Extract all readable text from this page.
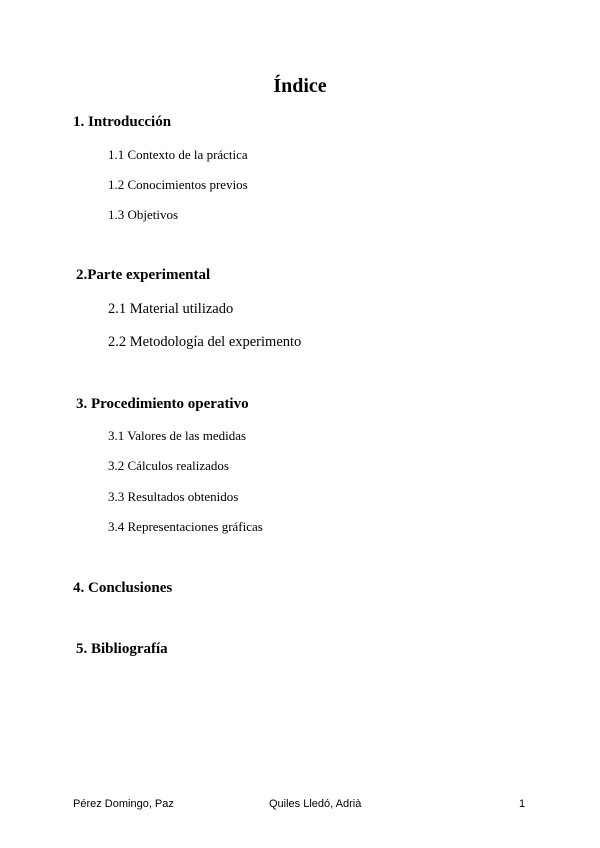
Índice
1. Introducción
1.1 Contexto de la práctica
1.2 Conocimientos previos
1.3 Objetivos
2.Parte experimental
2.1 Material utilizado
2.2 Metodología del experimento
3. Procedimiento operativo
3.1 Valores de las medidas
3.2 Cálculos realizados
3.3 Resultados obtenidos
3.4 Representaciones gráficas
4. Conclusiones
5. Bibliografía
Pérez Domingo, Paz	Quiles Lledó, Adrià	1
